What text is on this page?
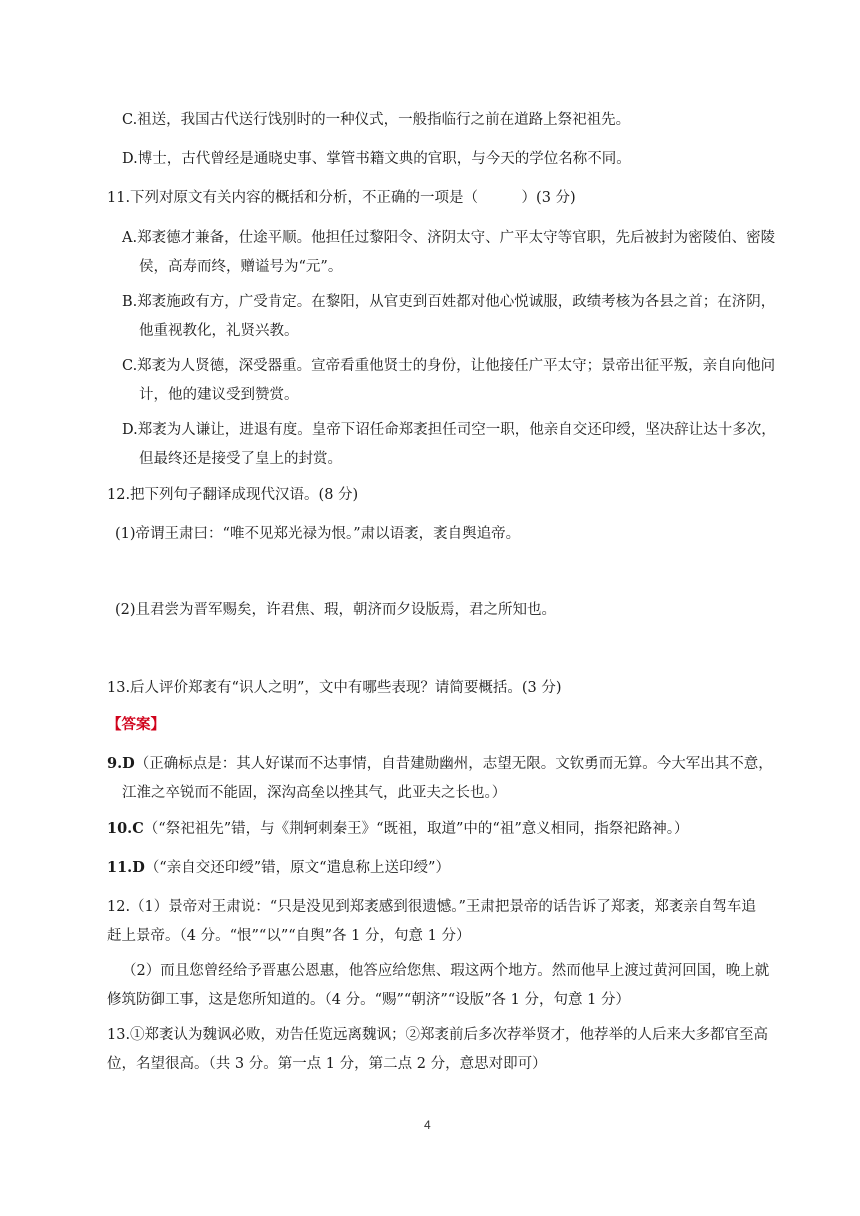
C.祖送，我国古代送行饯别时的一种仪式，一般指临行之前在道路上祭祀祖先。
D.博士，古代曾经是通晓史事、掌管书籍文典的官职，与今天的学位名称不同。
11.下列对原文有关内容的概括和分析，不正确的一项是（　　　）(3 分)
A.郑袤德才兼备，仕途平顺。他担任过黎阳令、济阴太守、广平太守等官职，先后被封为密陵伯、密陵
侯，高寿而终，赠谥号为“元”。
B.郑袤施政有方，广受肯定。在黎阳，从官吏到百姓都对他心悦诚服，政绩考核为各县之首；在济阴，
他重视教化，礼贤兴教。
C.郑袤为人贤德，深受器重。宣帝看重他贤士的身份，让他接任广平太守；景帝出征平叛，亲自向他问
计，他的建议受到赞赏。
D.郑袤为人谦让，进退有度。皇帝下诏任命郑袤担任司空一职，他亲自交还印绶，坚决辞让达十多次，
但最终还是接受了皇上的封赏。
12.把下列句子翻译成现代汉语。(8 分)
(1)帝谓王肃曰：“唯不见郑光禄为恨。”肃以语袤，袤自舆追帝。
(2)且君尝为晋军赐矣，许君焦、瑕，朝济而夕设版焉，君之所知也。
13.后人评价郑袤有“识人之明”，文中有哪些表现？请简要概括。(3 分)
【答案】
9.D（正确标点是：其人好谋而不达事情，自昔建勋幽州，志望无限。文钦勇而无算。今大军出其不意，
江淮之卒锐而不能固，深沟高垒以挫其气，此亚夫之长也。）
10.C（“祭祀祖先”错，与《荆轲刺秦王》“既祖，取道”中的“祖”意义相同，指祭祀路神。）
11.D（“亲自交还印绶”错，原文“遣息称上送印绶”）
12.（1）景帝对王肃说：“只是没见到郑袤感到很遗憾。”王肃把景帝的话告诉了郑袤，郑袤亲自驾车追
赶上景帝。（4 分。“恨”“以”“自舆”各 1 分，句意 1 分）
（2）而且您曾经给予晋惠公恩惠，他答应给您焦、瑕这两个地方。然而他早上渡过黄河回国，晚上就
修筑防御工事，这是您所知道的。（4 分。“赐”“朝济”“设版”各 1 分，句意 1 分）
13.①郑袤认为魏讽必败，劝告任览远离魏讽；②郑袤前后多次荐举贤才，他荐举的人后来大多都官至高
位，名望很高。（共 3 分。第一点 1 分，第二点 2 分，意思对即可）
4
